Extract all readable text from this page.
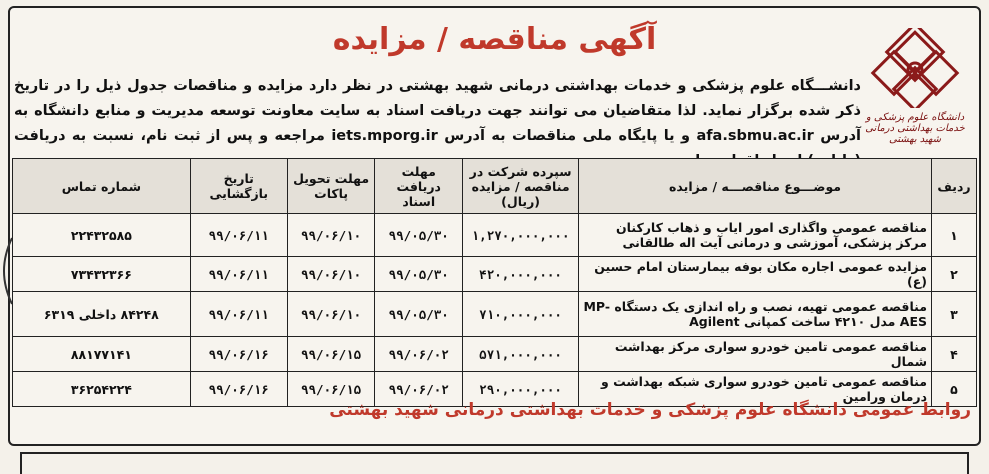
دانشگاه علوم پزشکی و خدمات بهداشتی درمانی شهید بهشتی
آگهی مناقصه / مزایده
دانشـــگاه علوم پزشکی و خدمات بهداشتی درمانی شهید بهشتی در نظر دارد مزایده و مناقصات جدول ذیل را در تاریخ ذکر شده برگزار نماید. لذا متقاضیان می توانند جهت دریافت اسناد به سایت معاونت توسعه مدیریت و منابع دانشگاه به آدرس afa.sbmu.ac.ir و یا پایگاه ملی مناقصات به آدرس iets.mporg.ir مراجعه و پس از ثبت نام، نسبت به دریافت
ردیف	موضـــوع مناقصـــه / مزایده	سپرده شرکت در مناقصه / مزایده (ریال)	مهلت دریافت اسناد	مهلت تحویل پاکات	تاریخ بازگشایی	شماره تماس
۱	مناقصه عمومی واگذاری امور ایاب و ذهاب کارکنان مرکز پزشکی، آموزشی و درمانی آیت اله طالقانی	۱,۲۷۰,۰۰۰,۰۰۰	۹۹/۰۵/۳۰	۹۹/۰۶/۱۰	۹۹/۰۶/۱۱	۲۲۴۳۲۵۸۵
۲	مزایده عمومی اجاره مکان بوفه بیمارستان امام حسین (ع)	۴۲۰,۰۰۰,۰۰۰	۹۹/۰۵/۳۰	۹۹/۰۶/۱۰	۹۹/۰۶/۱۱	۷۳۴۳۲۳۶۶
۳	مناقصه عمومی تهیه، نصب و راه اندازی یک دستگاه MP-AES مدل ۴۲۱۰ ساخت کمپانی Agilent	۷۱۰,۰۰۰,۰۰۰	۹۹/۰۵/۳۰	۹۹/۰۶/۱۰	۹۹/۰۶/۱۱	۸۴۲۴۸ داخلی ۶۳۱۹
۴	مناقصه عمومی تامین خودرو سواری مرکز بهداشت شمال	۵۷۱,۰۰۰,۰۰۰	۹۹/۰۶/۰۲	۹۹/۰۶/۱۵	۹۹/۰۶/۱۶	۸۸۱۷۷۱۴۱
۵	مناقصه عمومی تامین خودرو سواری شبکه بهداشت و درمان ورامین	۲۹۰,۰۰۰,۰۰۰	۹۹/۰۶/۰۲	۹۹/۰۶/۱۵	۹۹/۰۶/۱۶	۳۶۲۵۴۲۲۴
روابط عمومی دانشگاه علوم پزشکی و خدمات بهداشتی درمانی شهید بهشتی
